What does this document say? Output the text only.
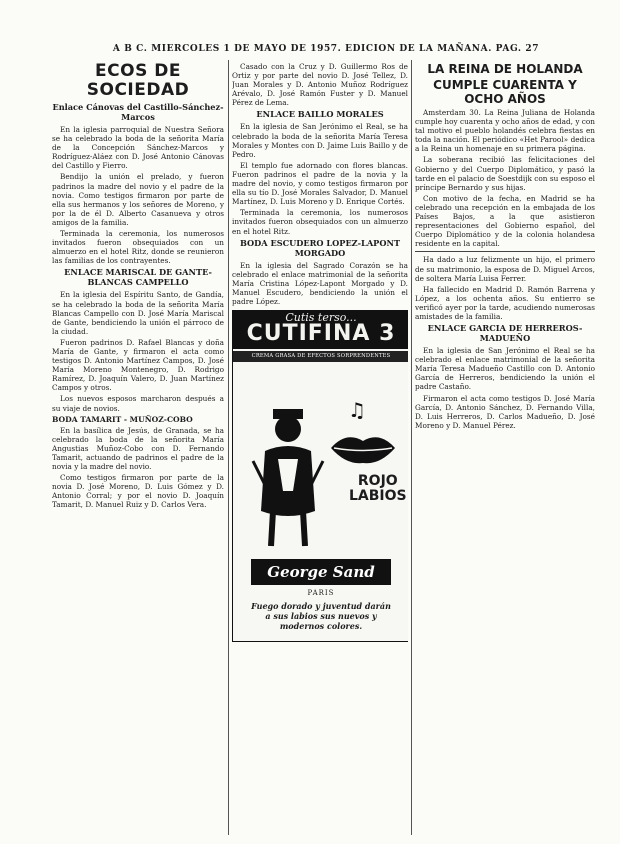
A B C. MIERCOLES 1 DE MAYO DE 1957. EDICION DE LA MAÑANA. PAG. 27
ECOS DE SOCIEDAD
Enlace Cánovas del Castillo-Sánchez-Marcos

En la iglesia parroquial de Nuestra Señora se ha celebrado la boda de la señorita María de la Concepción Sánchez-Marcos y Rodríguez-Aláez con D. José Antonio Cánovas del Castillo y Fierro.

Bendijo la unión el prelado, y fueron padrinos la madre del novio y el padre de la novia. Como testigos firmaron por parte de ella sus hermanos y los señores de Moreno, y por la de él D. Alberto Casanueva y otros amigos de la familia.

Terminada la ceremonia, los numerosos invitados fueron obsequiados con un almuerzo en el hotel Ritz, donde se reunieron las familias de los contrayentes.

ENLACE MARISCAL DE GANTE-BLANCAS CAMPELLO

En la iglesia del Espíritu Santo, de Gandía, se ha celebrado la boda de la señorita María Blancas Campello con D. José María Mariscal de Gante, bendiciendo la unión el párroco de la ciudad.

Fueron padrinos D. Rafael Blancas y doña María de Gante, y firmaron el acta como testigos D. Antonio Martínez Campos, D. José María Moreno Montenegro, D. Rodrigo Ramírez, D. Joaquín Valero, D. Juan Martínez Campos y otros.

Los nuevos esposos marcharon después a su viaje de novios.

BODA TAMARIT - MUÑOZ-COBO

En la basílica de Jesús, de Granada, se ha celebrado la boda de la señorita María Angustias Muñoz-Cobo con D. Fernando Tamarit, actuando de padrinos el padre de la novia y la madre del novio.

Como testigos firmaron por parte de la novia D. José Moreno, D. Luis Gómez y D. Antonio Corral; y por el novio D. Joaquín Tamarit, D. Manuel Ruiz y D. Carlos Vera.

Casado con la Cruz y D. Guillermo Ros de Ortiz y por parte del novio D. José Tellez, D. Juan Morales y D. Antonio Muñoz Rodríguez Arévalo, D. José Ramón Fuster y D. Manuel Pérez de Lema.

ENLACE BAILLO MORALES

En la iglesia de San Jerónimo el Real, se ha celebrado la boda de la señorita María Teresa Morales y Montes con D. Jaime Luis Baillo y de Pedro.

El templo fue adornado con flores blancas. Fueron padrinos el padre de la novia y la madre del novio, y como testigos firmaron por ella su tío D. José Morales Salvador, D. Manuel Martínez, D. Luis Moreno y D. Enrique Cortés.

Terminada la ceremonia, los numerosos invitados fueron obsequiados con un almuerzo en el hotel Ritz.

BODA ESCUDERO LOPEZ-LAPONT MORGADO

En la iglesia del Sagrado Corazón se ha celebrado el enlace matrimonial de la señorita María Cristina López-Lapont Morgado y D. Manuel Escudero, bendiciendo la unión el padre López.

Cutis terso...
CUTIFINA 3
CREMA GRASA DE EFECTOS SORPRENDENTES
♫
ROJO
LABIOS
George Sand
PARIS
Fuego dorado y juventud darán
a sus labios sus nuevos y
modernos colores.
LA REINA DE HOLANDA
CUMPLE CUARENTA Y OCHO AÑOS

Amsterdam 30. La Reina Juliana de Holanda cumple hoy cuarenta y ocho años de edad, y con tal motivo el pueblo holandés celebra fiestas en toda la nación. El periódico «Het Parool» dedica a la Reina un homenaje en su primera página.

La soberana recibió las felicitaciones del Gobierno y del Cuerpo Diplomático, y pasó la tarde en el palacio de Soestdijk con su esposo el príncipe Bernardo y sus hijas.

Con motivo de la fecha, en Madrid se ha celebrado una recepción en la embajada de los Países Bajos, a la que asistieron representaciones del Gobierno español, del Cuerpo Diplomático y de la colonia holandesa residente en la capital.

Ha dado a luz felizmente un hijo, el primero de su matrimonio, la esposa de D. Miguel Arcos, de soltera María Luisa Ferrer.

Ha fallecido en Madrid D. Ramón Barrena y López, a los ochenta años. Su entierro se verificó ayer por la tarde, acudiendo numerosas amistades de la familia.

ENLACE GARCIA DE HERREROS-MADUEÑO

En la iglesia de San Jerónimo el Real se ha celebrado el enlace matrimonial de la señorita María Teresa Madueño Castillo con D. Antonio García de Herreros, bendiciendo la unión el padre Castaño.

Firmaron el acta como testigos D. José María García, D. Antonio Sánchez, D. Fernando Villa, D. Luis Herreros, D. Carlos Madueño, D. José Moreno y D. Manuel Pérez.
